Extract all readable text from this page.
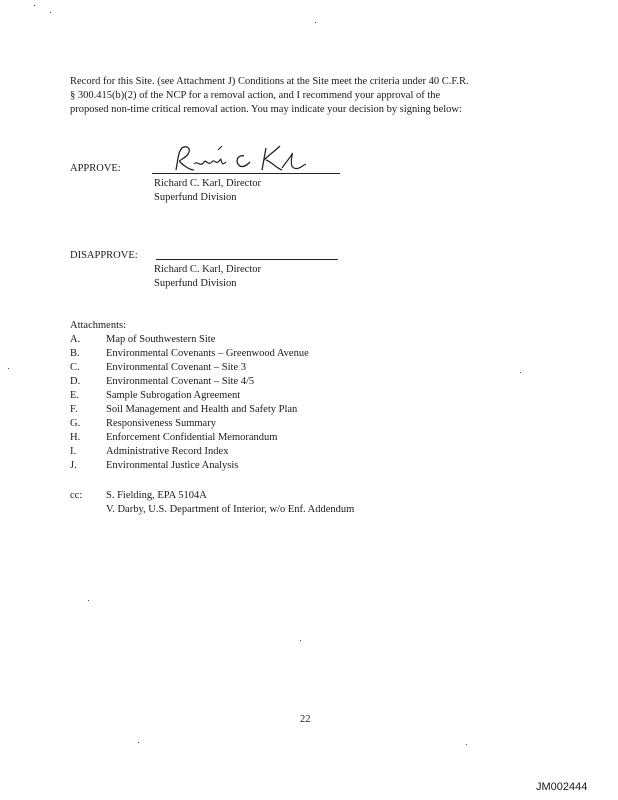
Record for this Site. (see Attachment J) Conditions at the Site meet the criteria under 40 C.F.R.
§ 300.415(b)(2) of the NCP for a removal action, and I recommend your approval of the
proposed non-time critical removal action. You may indicate your decision by signing below:
APPROVE:
Richard C. Karl, Director
Superfund Division
DISAPPROVE:
Richard C. Karl, Director
Superfund Division
Attachments:
A. Map of Southwestern Site
B.	Environmental Covenants – Greenwood Avenue
C.	Environmental Covenant – Site 3
D. Environmental Covenant – Site 4/5
E.	Sample Subrogation Agreement
F.	Soil Management and Health and Safety Plan
G. Responsiveness Summary
H. Enforcement Confidential Memorandum
I.	Administrative Record Index
J.	Environmental Justice Analysis
cc: S. Fielding, EPA 5104A
V. Darby, U.S. Department of Interior, w/o Enf. Addendum
22
JM002444
